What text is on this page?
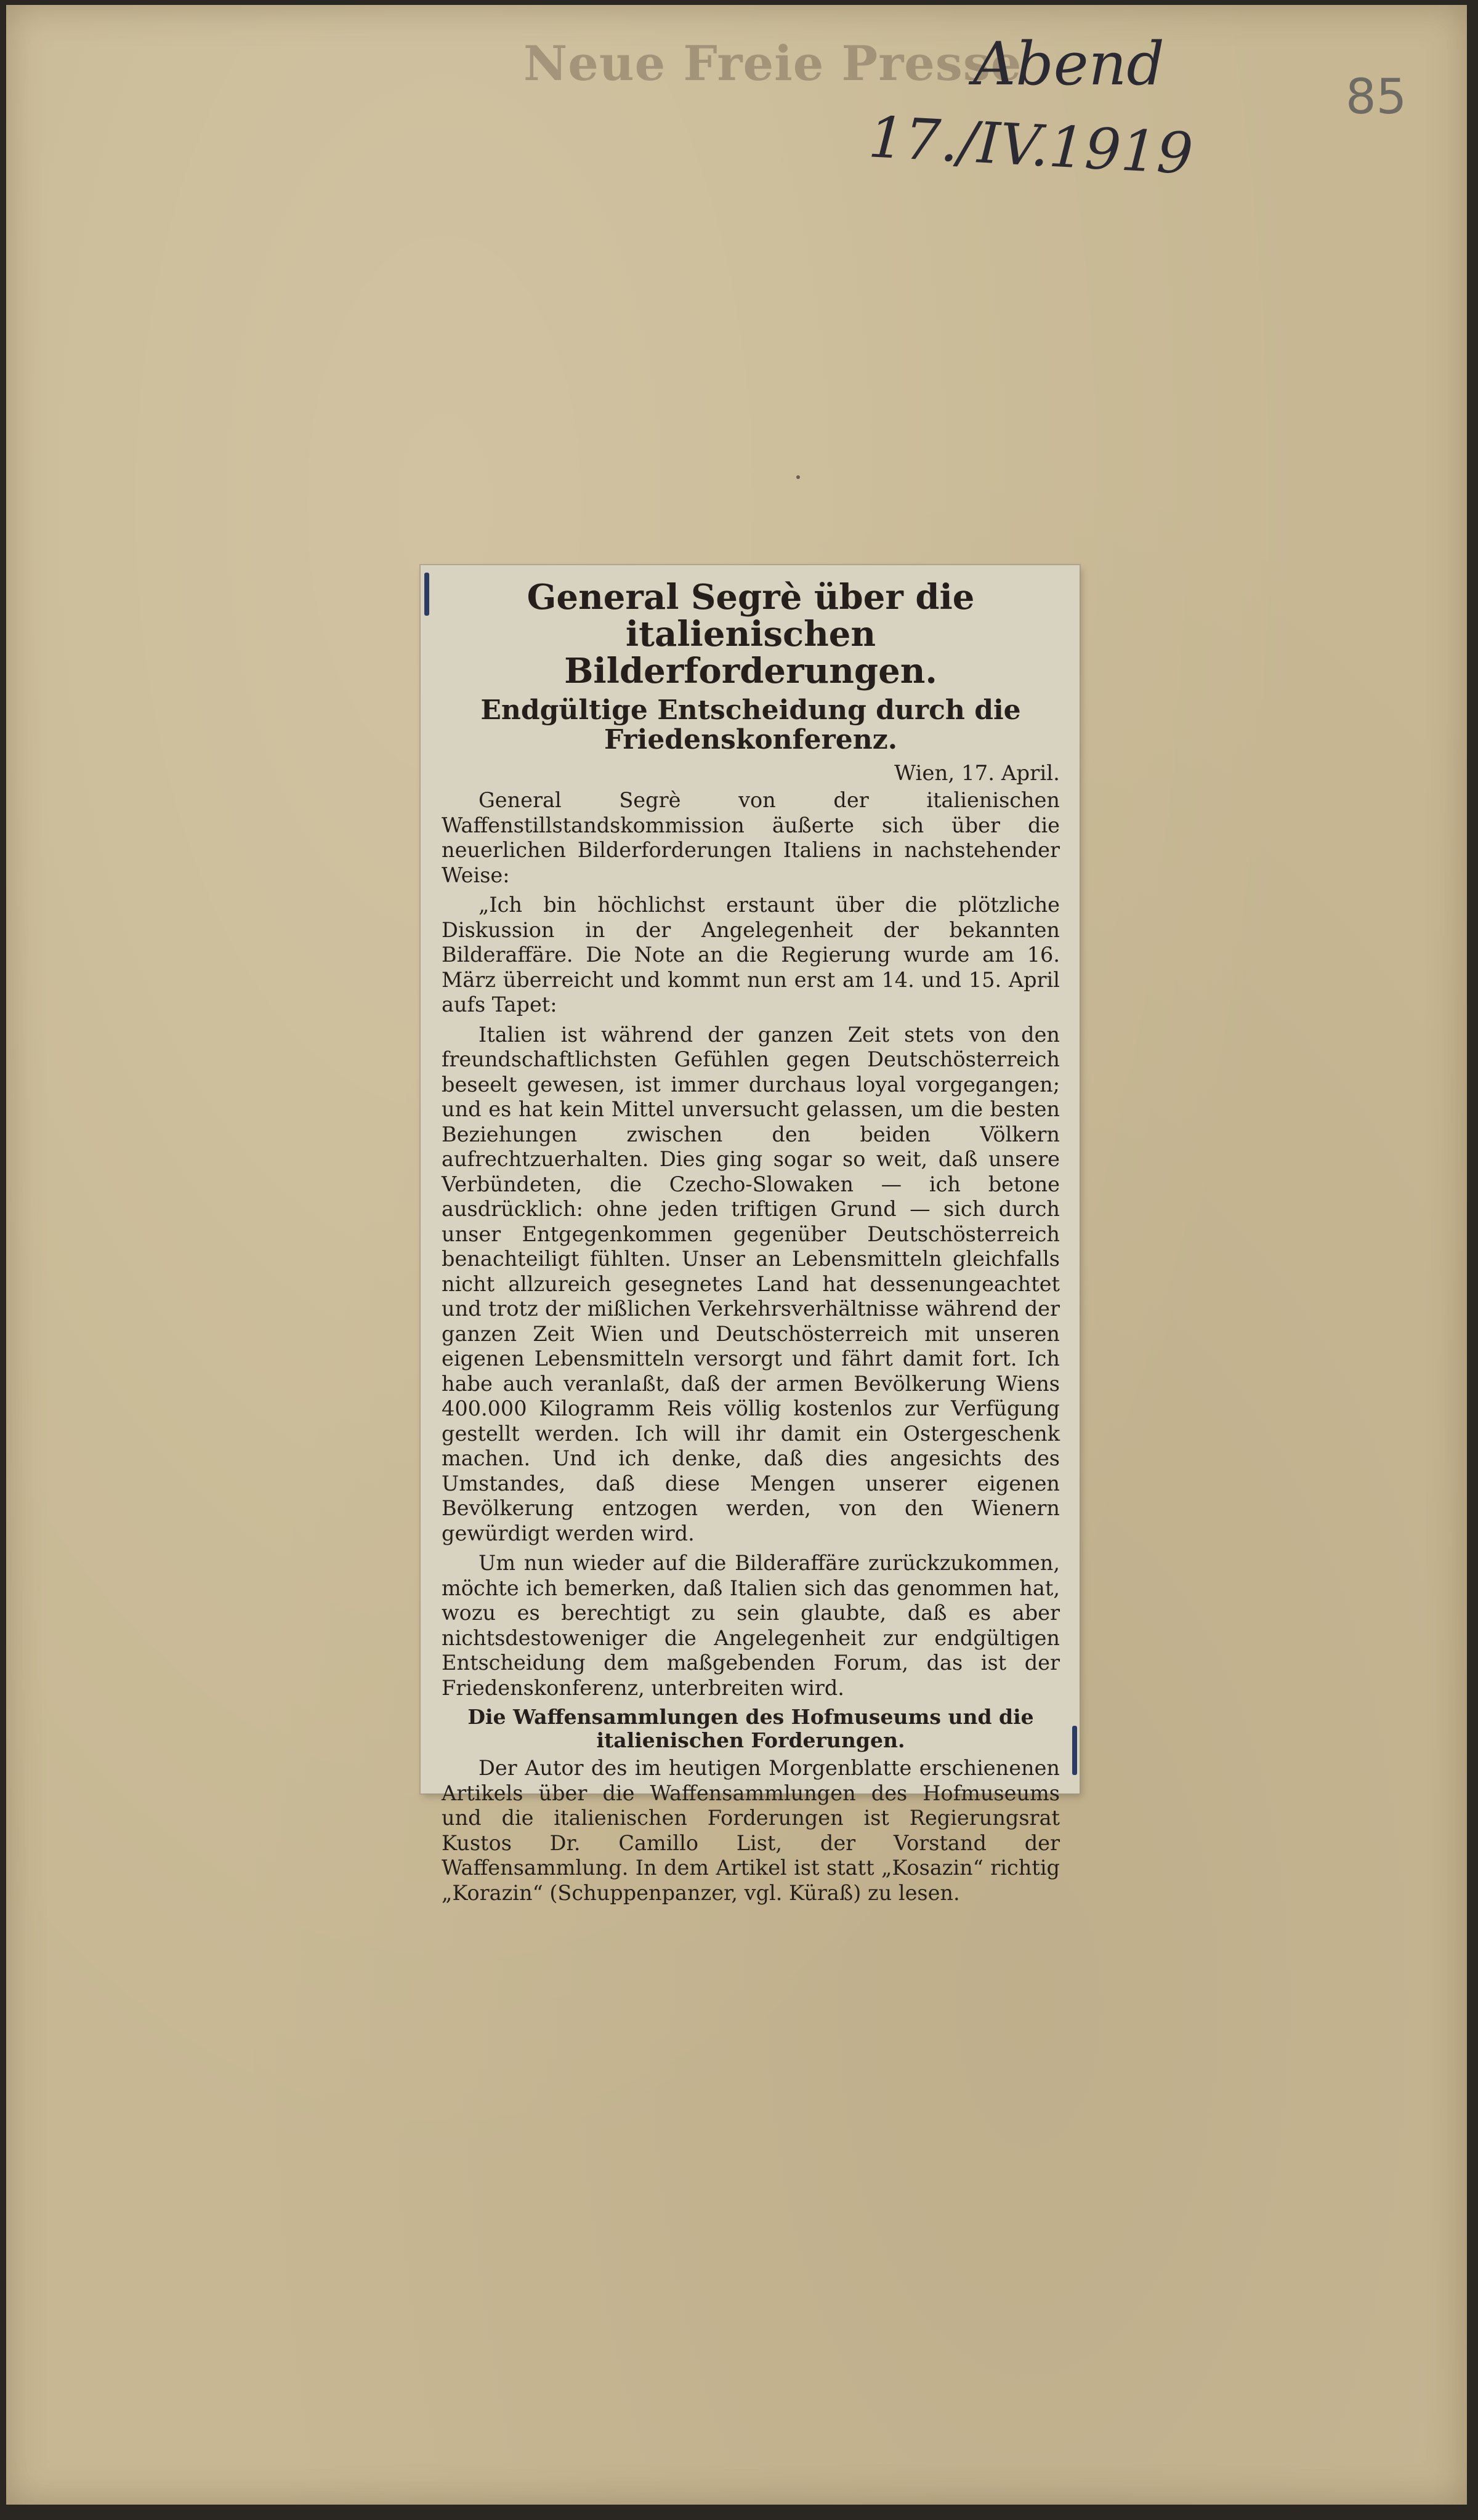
Neue Freie Presse
Abend
17./IV.1919
85
General Segrè über die italienischen Bilderforderungen.
Endgültige Entscheidung durch die Friedenskonferenz.
Wien, 17. April.

General Segrè von der italienischen Waffenstillstandskommission äußerte sich über die neuerlichen Bilderforderungen Italiens in nachstehender Weise:

„Ich bin höchlichst erstaunt über die plötzliche Diskussion in der Angelegenheit der bekannten Bilderaffäre. Die Note an die Regierung wurde am 16. März überreicht und kommt nun erst am 14. und 15. April aufs Tapet:

Italien ist während der ganzen Zeit stets von den freundschaftlichsten Gefühlen gegen Deutschösterreich beseelt gewesen, ist immer durchaus loyal vorgegangen; und es hat kein Mittel unversucht gelassen, um die besten Beziehungen zwischen den beiden Völkern aufrechtzuerhalten. Dies ging sogar so weit, daß unsere Verbündeten, die Czecho-Slowaken — ich betone ausdrücklich: ohne jeden triftigen Grund — sich durch unser Entgegenkommen gegenüber Deutschösterreich benachteiligt fühlten. Unser an Lebensmitteln gleichfalls nicht allzureich gesegnetes Land hat dessenungeachtet und trotz der mißlichen Verkehrsverhältnisse während der ganzen Zeit Wien und Deutschösterreich mit unseren eigenen Lebensmitteln versorgt und fährt damit fort. Ich habe auch veranlaßt, daß der armen Bevölkerung Wiens 400.000 Kilogramm Reis völlig kostenlos zur Verfügung gestellt werden. Ich will ihr damit ein Ostergeschenk machen. Und ich denke, daß dies angesichts des Umstandes, daß diese Mengen unserer eigenen Bevölkerung entzogen werden, von den Wienern gewürdigt werden wird.

Um nun wieder auf die Bilderaffäre zurückzukommen, möchte ich bemerken, daß Italien sich das genommen hat, wozu es berechtigt zu sein glaubte, daß es aber nichtsdestoweniger die Angelegenheit zur endgültigen Entscheidung dem maßgebenden Forum, das ist der Friedenskonferenz, unterbreiten wird.

Die Waffensammlungen des Hofmuseums und die italienischen Forderungen.

Der Autor des im heutigen Morgenblatte erschienenen Artikels über die Waffensammlungen des Hofmuseums und die italienischen Forderungen ist Regierungsrat Kustos Dr. Camillo List, der Vorstand der Waffensammlung. In dem Artikel ist statt „Kosazin“ richtig „Korazin“ (Schuppenpanzer, vgl. Küraß) zu lesen.
